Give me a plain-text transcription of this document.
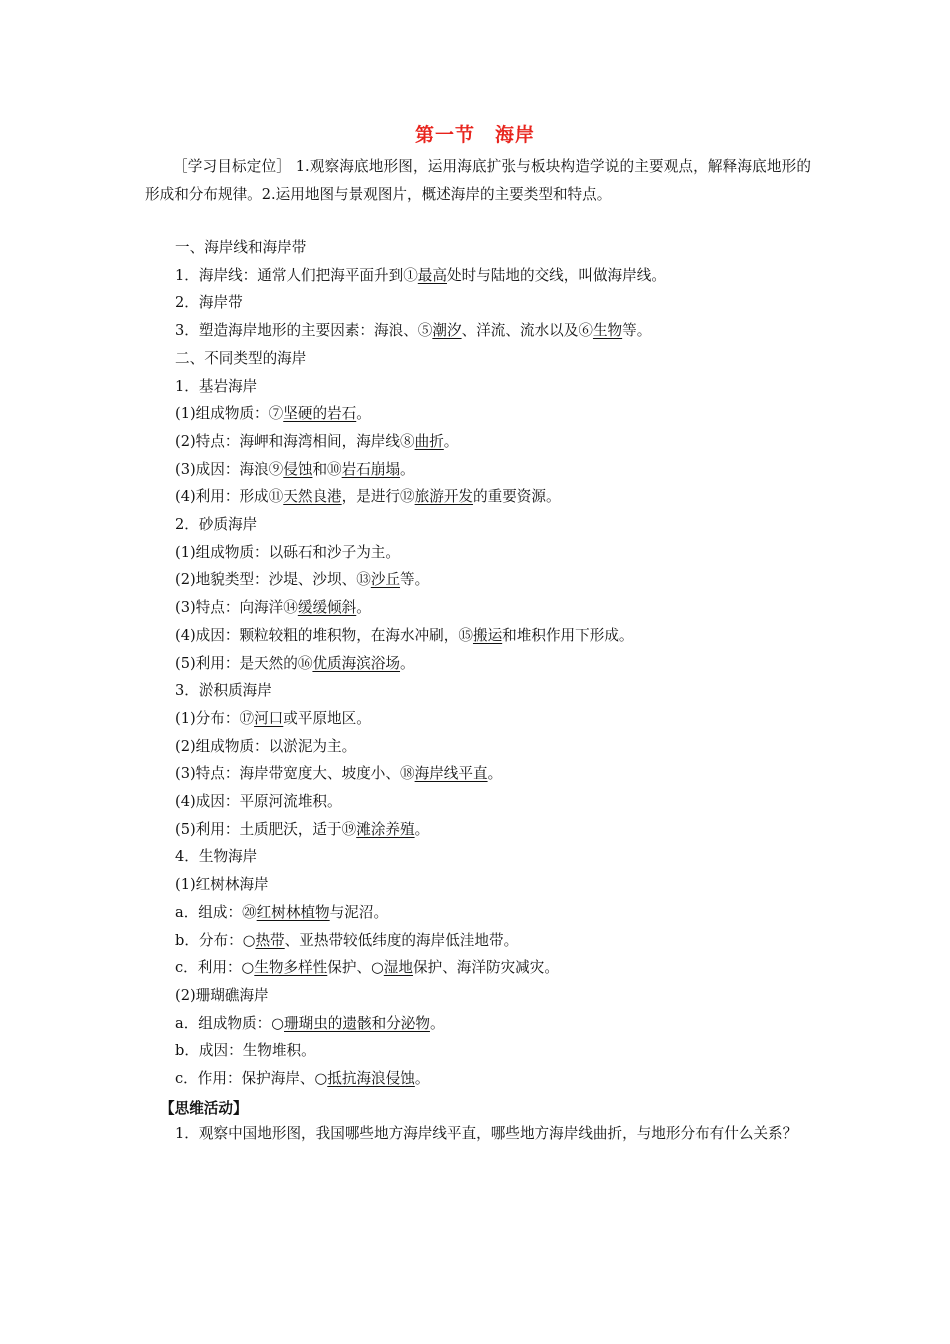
第一节　海岸
［学习目标定位］ 1.观察海底地形图，运用海底扩张与板块构造学说的主要观点，解释海底地形的形成和分布规律。2.运用地图与景观图片，概述海岸的主要类型和特点。
一、海岸线和海岸带
1．海岸线：通常人们把海平面升到①最高处时与陆地的交线，叫做海岸线。
2．海岸带
3．塑造海岸地形的主要因素：海浪、⑤潮汐、洋流、流水以及⑥生物等。
二、不同类型的海岸
1．基岩海岸
(1)组成物质：⑦坚硬的岩石。
(2)特点：海岬和海湾相间，海岸线⑧曲折。
(3)成因：海浪⑨侵蚀和⑩岩石崩塌。
(4)利用：形成⑪天然良港，是进行⑫旅游开发的重要资源。
2．砂质海岸
(1)组成物质：以砾石和沙子为主。
(2)地貌类型：沙堤、沙坝、⑬沙丘等。
(3)特点：向海洋⑭缓缓倾斜。
(4)成因：颗粒较粗的堆积物，在海水冲刷，⑮搬运和堆积作用下形成。
(5)利用：是天然的⑯优质海滨浴场。
3．淤积质海岸
(1)分布：⑰河口或平原地区。
(2)组成物质：以淤泥为主。
(3)特点：海岸带宽度大、坡度小、⑱海岸线平直。
(4)成因：平原河流堆积。
(5)利用：土质肥沃，适于⑲滩涂养殖。
4．生物海岸
(1)红树林海岸
a．组成：⑳红树林植物与泥沼。
b．分布：○热带、亚热带较低纬度的海岸低洼地带。
c．利用：○生物多样性保护、○湿地保护、海洋防灾减灾。
(2)珊瑚礁海岸
a．组成物质：○珊瑚虫的遗骸和分泌物。
b．成因：生物堆积。
c．作用：保护海岸、○抵抗海浪侵蚀。
【思维活动】
1．观察中国地形图，我国哪些地方海岸线平直，哪些地方海岸线曲折，与地形分布有什么关系？
